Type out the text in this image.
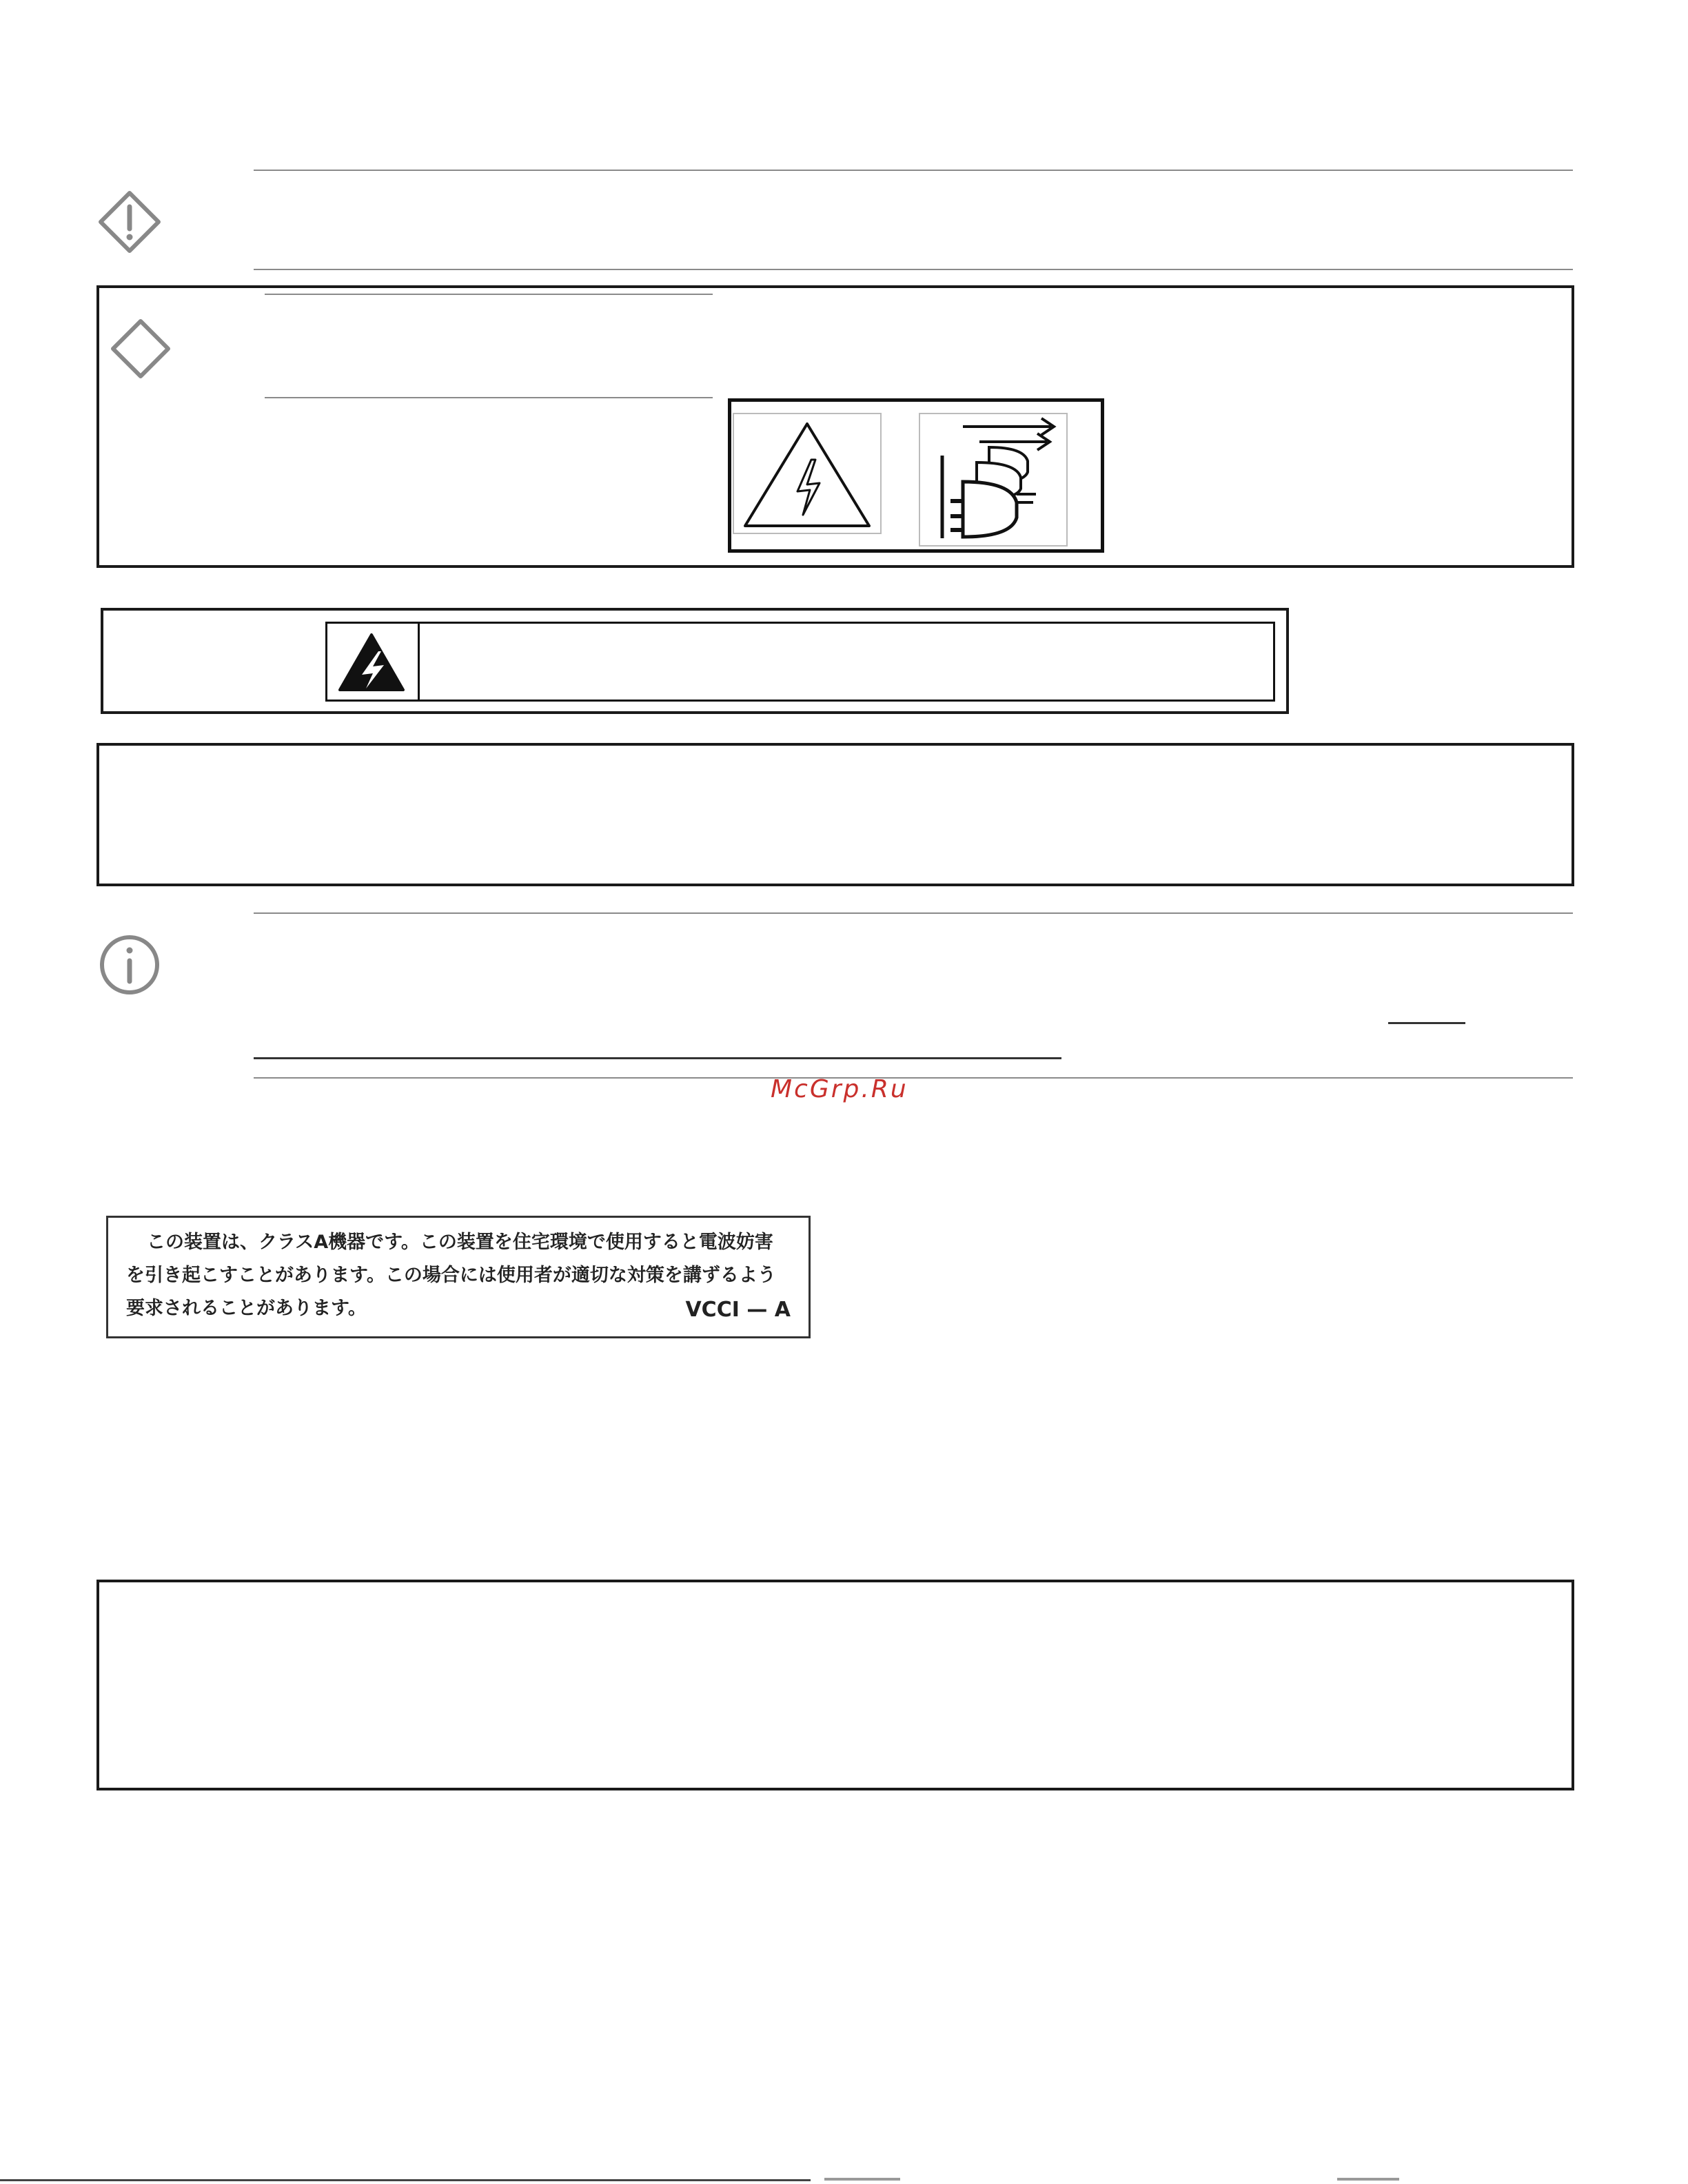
McGrp.Ru
この装置は、クラスA機器です。この装置を住宅環境で使用すると電波妨害
を引き起こすことがあります。この場合には使用者が適切な対策を講ずるよう
要求されることがあります。	VCCI — A
